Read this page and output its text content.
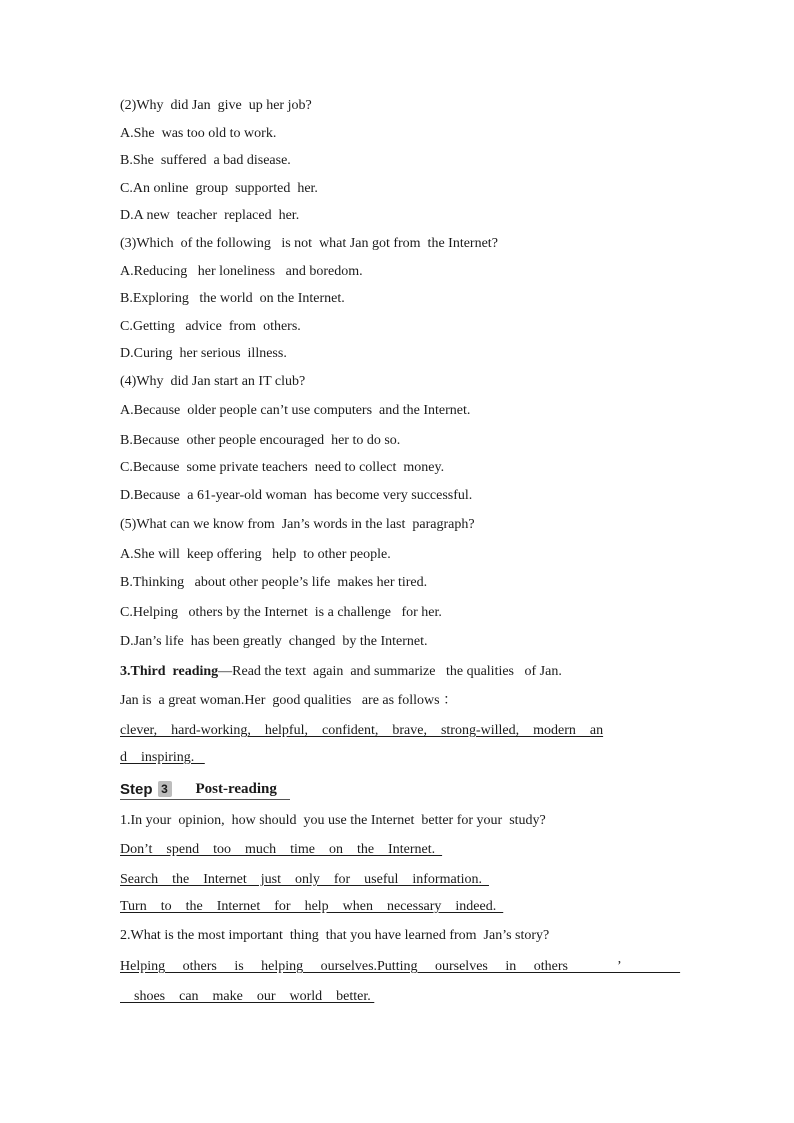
(2)Why  did Jan  give  up her job?
A.She  was too old to work.
B.She  suffered  a bad disease.
C.An online  group  supported  her.
D.A new  teacher  replaced  her.
(3)Which  of the following   is not  what Jan got from  the Internet?
A.Reducing   her loneliness   and boredom.
B.Exploring   the world  on the Internet.
C.Getting   advice  from  others.
D.Curing  her serious  illness.
(4)Why  did Jan start an IT club?
A.Because  older people can’t use computers  and the Internet.
B.Because  other people encouraged  her to do so.
C.Because  some private teachers  need to collect  money.
D.Because  a 61-year-old woman  has become very successful.
(5)What can we know from  Jan’s words in the last  paragraph?
A.She will  keep offering   help  to other people.
B.Thinking   about other people’s life  makes her tired.
C.Helping   others by the Internet  is a challenge   for her.
D.Jan’s life  has been greatly  changed  by the Internet.
3.Third  reading—Read the text  again  and summarize   the qualities   of Jan.
Jan is  a great woman.Her  good qualities   are as follows ：
clever,    hard-working,    helpful,    confident,    brave,    strong-willed,    modern    an
d    inspiring.
Step 3 Post-reading
1.In your  opinion,  how should  you use the Internet  better for your  study?
Don’t    spend    too    much    time    on    the    Internet.
Search    the    Internet    just    only    for    useful    information.
Turn    to    the    Internet    for    help    when    necessary    indeed.
2.What is the most important  thing  that you have learned from  Jan’s story?
Helping     others     is     helping     ourselves.Putting     ourselves     in     others              ’
shoes    can    make    our    world    better.
